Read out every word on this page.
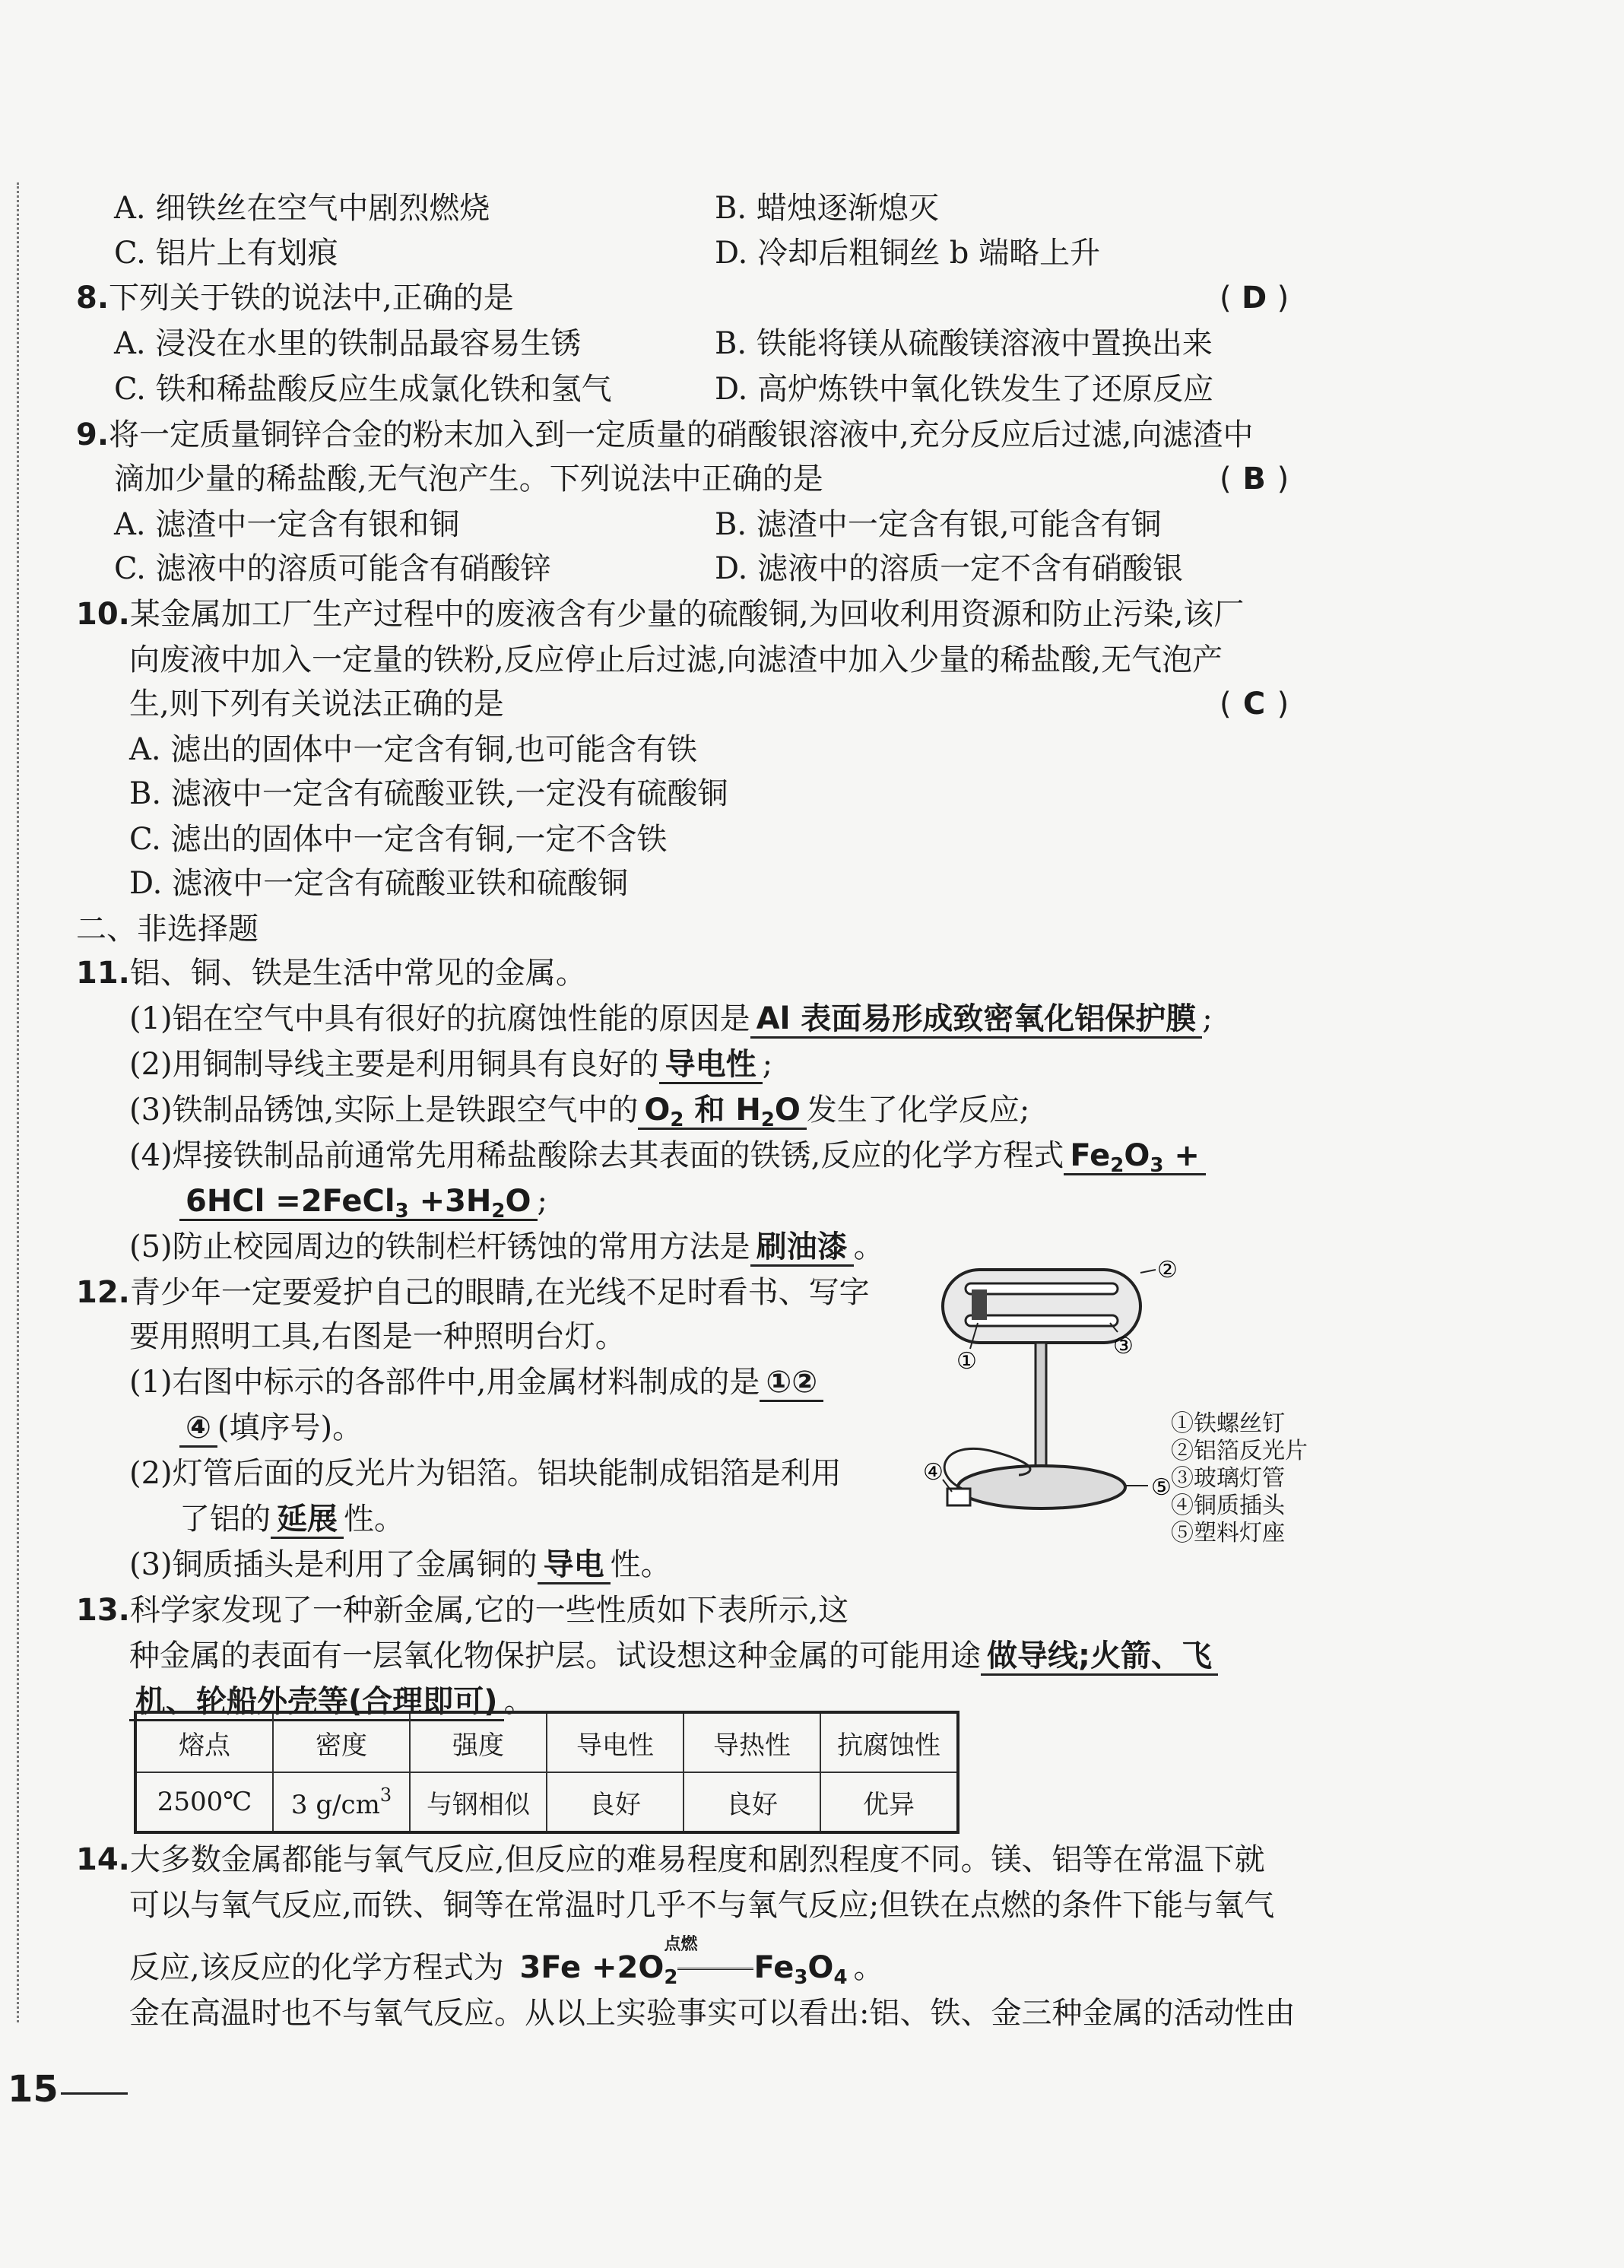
A. 细铁丝在空气中剧烈燃烧	B. 蜡烛逐渐熄灭
C. 铝片上有划痕	D. 冷却后粗铜丝 b 端略上升
8.下列关于铁的说法中,正确的是	( D )
A. 浸没在水里的铁制品最容易生锈	B. 铁能将镁从硫酸镁溶液中置换出来
C. 铁和稀盐酸反应生成氯化铁和氢气	D. 高炉炼铁中氧化铁发生了还原反应
9.将一定质量铜锌合金的粉末加入到一定质量的硝酸银溶液中,充分反应后过滤,向滤渣中
滴加少量的稀盐酸,无气泡产生。下列说法中正确的是	( B )
A. 滤渣中一定含有银和铜	B. 滤渣中一定含有银,可能含有铜
C. 滤液中的溶质可能含有硝酸锌	D. 滤液中的溶质一定不含有硝酸银
10.某金属加工厂生产过程中的废液含有少量的硫酸铜,为回收利用资源和防止污染,该厂
向废液中加入一定量的铁粉,反应停止后过滤,向滤渣中加入少量的稀盐酸,无气泡产
生,则下列有关说法正确的是	( C )
A. 滤出的固体中一定含有铜,也可能含有铁
B. 滤液中一定含有硫酸亚铁,一定没有硫酸铜
C. 滤出的固体中一定含有铜,一定不含铁
D. 滤液中一定含有硫酸亚铁和硫酸铜
二、非选择题
11.铝、铜、铁是生活中常见的金属。
(1)铝在空气中具有很好的抗腐蚀性能的原因是 Al 表面易形成致密氧化铝保护膜 ;
(2)用铜制导线主要是利用铜具有良好的 导电性 ;
(3)铁制品锈蚀,实际上是铁跟空气中的 $O_2$ 和 $H_2O$ 发生了化学反应;
(4)焊接铁制品前通常先用稀盐酸除去其表面的铁锈,反应的化学方程式 $Fe_2O_3$ +
6HCl =2FeCl$_3$ $+3H_2O$ ;
(5)防止校园周边的铁制栏杆锈蚀的常用方法是 刷油漆 。
12.青少年一定要爱护自己的眼睛,在光线不足时看书、写字
要用照明工具,右图是一种照明台灯。
(1)右图中标示的各部件中,用金属材料制成的是 ①②
④ (填序号)。
(2)灯管后面的反光片为铝箔。铝块能制成铝箔是利用
了铝的 延展 性。
(3)铜质插头是利用了金属铜的 导电 性。
①
②
③
④
⑤
①铁螺丝钉
②铝箔反光片
③玻璃灯管
④铜质插头
⑤塑料灯座
13.科学家发现了一种新金属,它的一些性质如下表所示,这
种金属的表面有一层氧化物保护层。试设想这种金属的可能用途 做导线;火箭、飞
机、轮船外壳等(合理即可) 。
熔点	密度	强度	导电性	导热性	抗腐蚀性
2500℃	3 $g/cm^3$	与钢相似	良好	良好	优异
14.大多数金属都能与氧气反应,但反应的难易程度和剧烈程度不同。镁、铝等在常温下就
可以与氧气反应,而铁、铜等在常温时几乎不与氧气反应;但铁在点燃的条件下能与氧气
反应,该反应的化学方程式为 $3Fe +2O_2$
点燃
$Fe_3O_4$ 。
金在高温时也不与氧气反应。从以上实验事实可以看出:铝、铁、金三种金属的活动性由
15
